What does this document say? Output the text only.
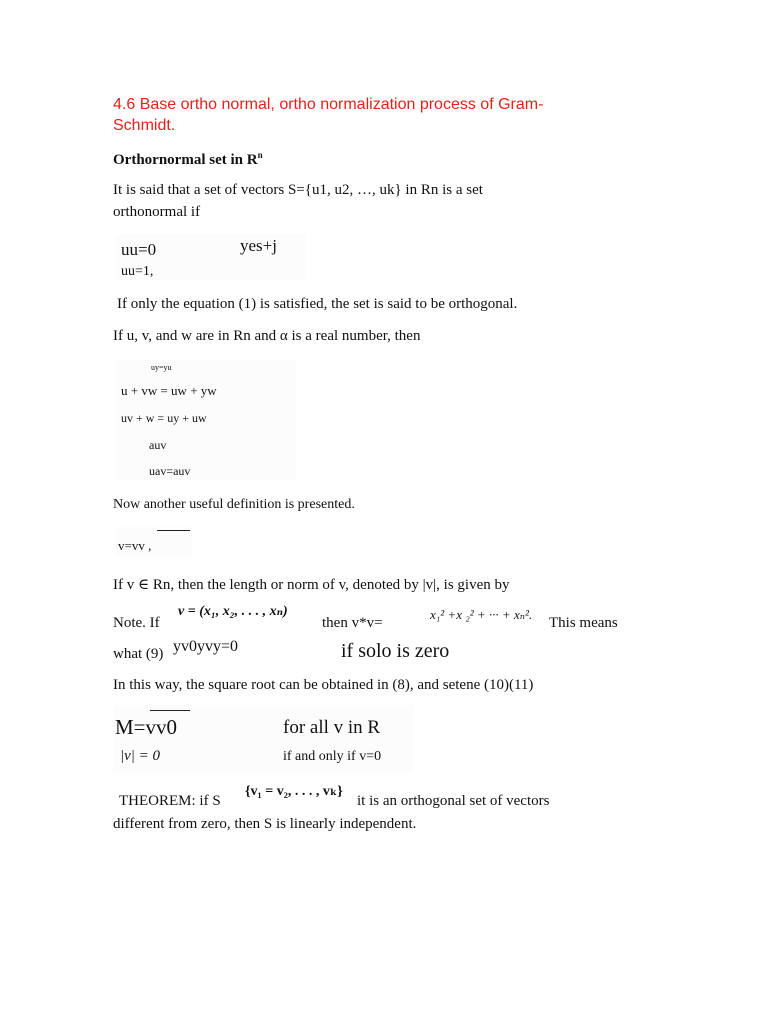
4.6 Base ortho normal, ortho normalization process of Gram-
Schmidt.
Orthornormal set in $R^n$
It is said that a set of vectors S={u1, u2, …, uk} in Rn is a set
orthonormal if
uu=0	yes+j
uu=1,
If only the equation (1) is satisfied, the set is said to be orthogonal.
If u, v, and w are in Rn and α is a real number, then
uy=yu
u + vw = uw + yw
uv + w = uy + uw
auv
uav=auv
Now another useful definition is presented.
v=vv ,
If v ∈ Rn, then the length or norm of v, denoted by |v|, is given by
Note. If
v = (x₁, x₂, . . . , xₙ)
then v*v=
x₁² +x ₂² + ··· + xₙ².
This means
what (9) yv0yvy=0	if solo is zero
In this way, the square root can be obtained in (8), and setene (10)(11)
M=vv0	for all v in R
|v| = 0	if and only if v=0
THEOREM: if S
{v₁ = v₂, . . . , vₖ}
it is an orthogonal set of vectors
different from zero, then S is linearly independent.
